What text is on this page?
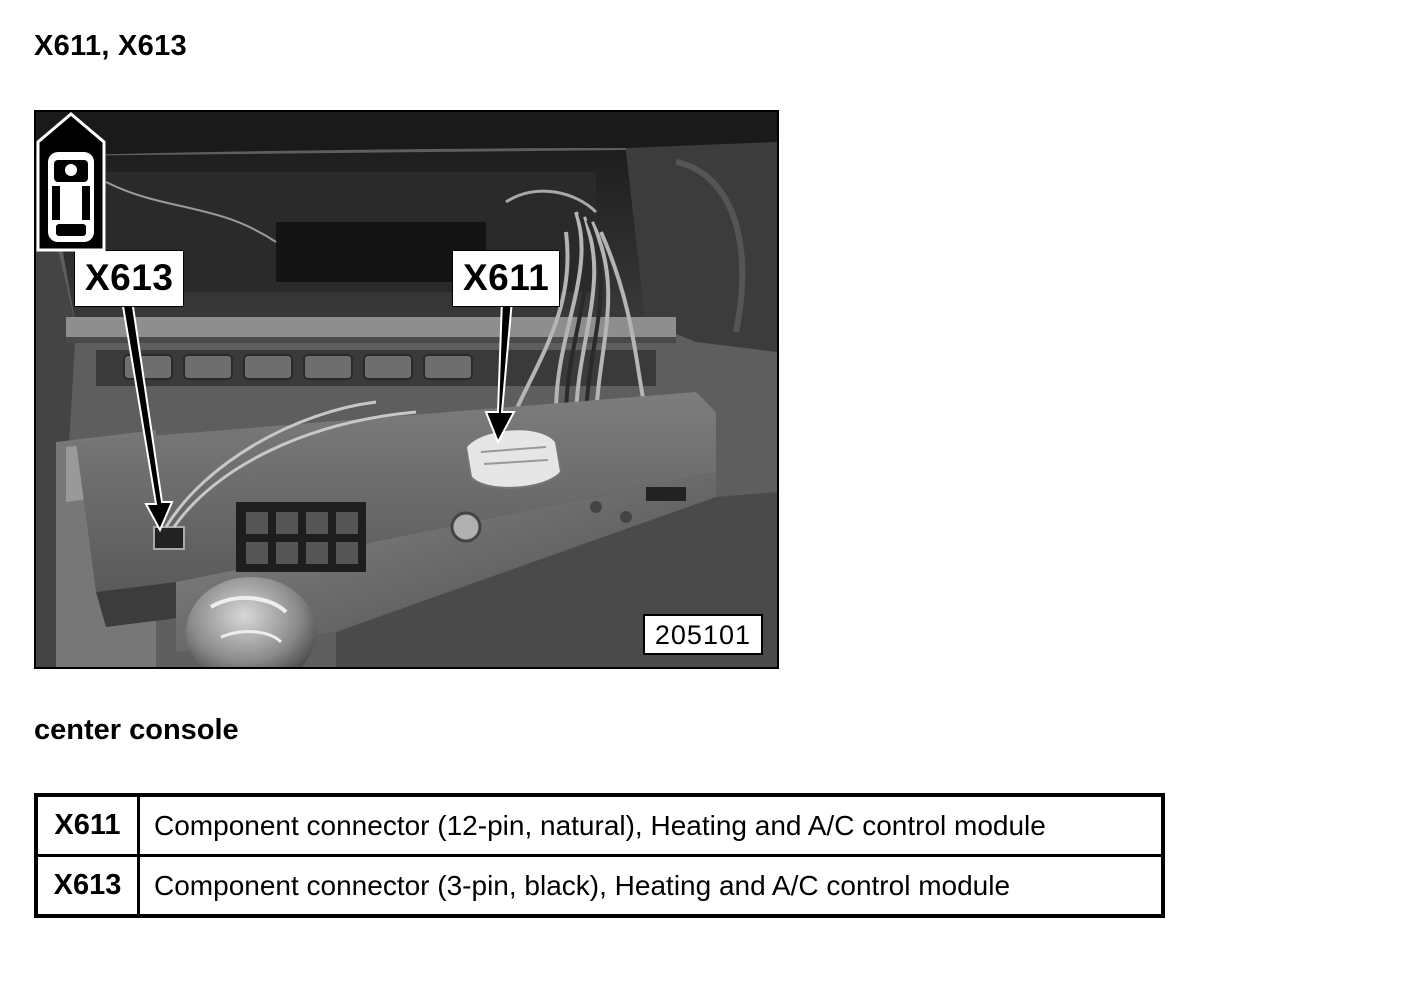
X611, X613
X613	X611
205101
center console
X611	Component connector (12-pin, natural), Heating and A/C control module
X613	Component connector (3-pin, black), Heating and A/C control module
